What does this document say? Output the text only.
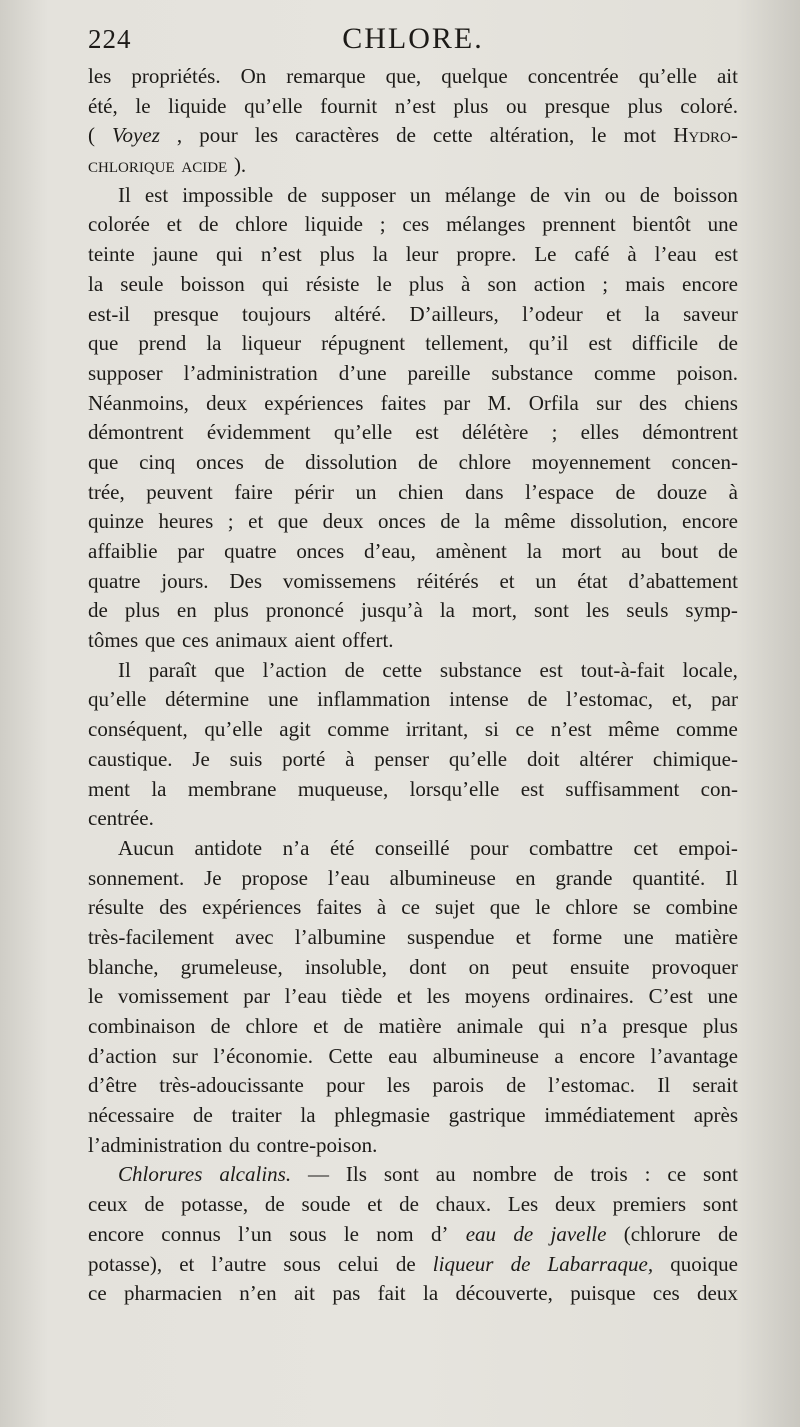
224	CHLORE.
les propriétés. On remarque que, quelque concentrée qu’elle ait
été, le liquide qu’elle fournit n’est plus ou presque plus coloré.
( Voyez , pour les caractères de cette altération, le mot Hydro-
chlorique acide ).
Il est impossible de supposer un mélange de vin ou de boisson
colorée et de chlore liquide ; ces mélanges prennent bientôt une
teinte jaune qui n’est plus la leur propre. Le café à l’eau est
la seule boisson qui résiste le plus à son action ; mais encore
est-il presque toujours altéré. D’ailleurs, l’odeur et la saveur
que prend la liqueur répugnent tellement, qu’il est difficile de
supposer l’administration d’une pareille substance comme poison.
Néanmoins, deux expériences faites par M. Orfila sur des chiens
démontrent évidemment qu’elle est délétère ; elles démontrent
que cinq onces de dissolution de chlore moyennement concen-
trée, peuvent faire périr un chien dans l’espace de douze à
quinze heures ; et que deux onces de la même dissolution, encore
affaiblie par quatre onces d’eau, amènent la mort au bout de
quatre jours. Des vomissemens réitérés et un état d’abattement
de plus en plus prononcé jusqu’à la mort, sont les seuls symp-
tômes que ces animaux aient offert.
Il paraît que l’action de cette substance est tout-à-fait locale,
qu’elle détermine une inflammation intense de l’estomac, et, par
conséquent, qu’elle agit comme irritant, si ce n’est même comme
caustique. Je suis porté à penser qu’elle doit altérer chimique-
ment la membrane muqueuse, lorsqu’elle est suffisamment con-
centrée.
Aucun antidote n’a été conseillé pour combattre cet empoi-
sonnement. Je propose l’eau albumineuse en grande quantité. Il
résulte des expériences faites à ce sujet que le chlore se combine
très-facilement avec l’albumine suspendue et forme une matière
blanche, grumeleuse, insoluble, dont on peut ensuite provoquer
le vomissement par l’eau tiède et les moyens ordinaires. C’est une
combinaison de chlore et de matière animale qui n’a presque plus
d’action sur l’économie. Cette eau albumineuse a encore l’avantage
d’être très-adoucissante pour les parois de l’estomac. Il serait
nécessaire de traiter la phlegmasie gastrique immédiatement après
l’administration du contre-poison.
Chlorures alcalins. — Ils sont au nombre de trois : ce sont
ceux de potasse, de soude et de chaux. Les deux premiers sont
encore connus l’un sous le nom d’ eau de javelle (chlorure de
potasse), et l’autre sous celui de liqueur de Labarraque, quoique
ce pharmacien n’en ait pas fait la découverte, puisque ces deux
